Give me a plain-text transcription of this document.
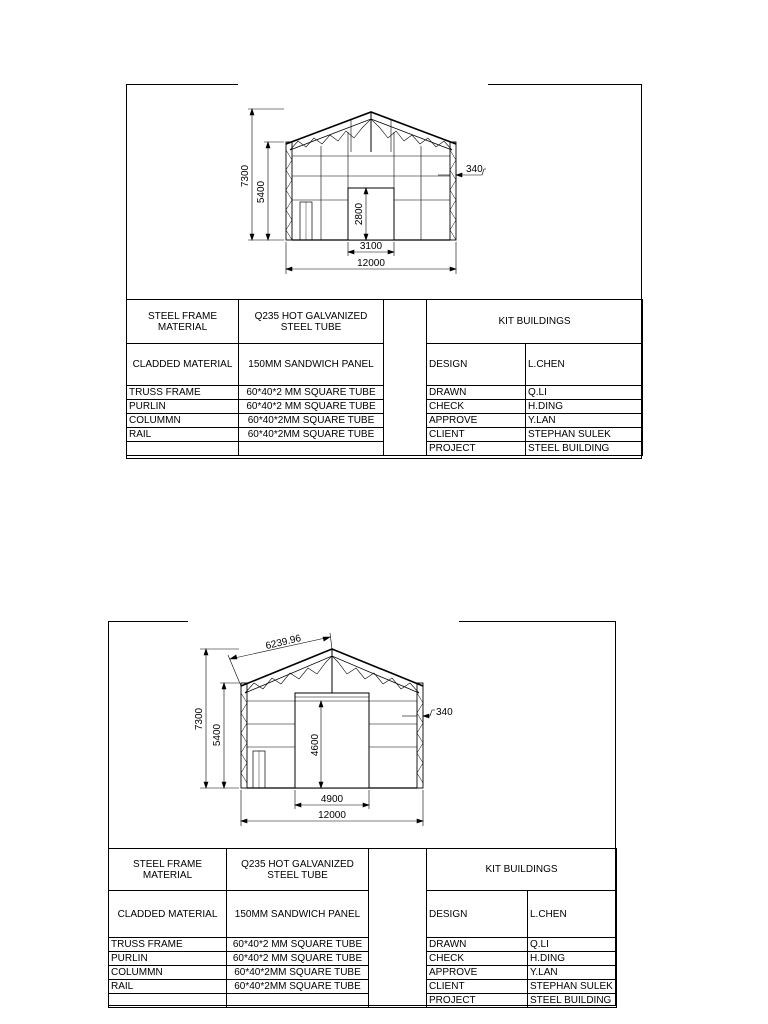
7300
5400
2800
340
3100
12000
STEEL FRAME MATERIAL	Q235 HOT GALVANIZED STEEL TUBE		KIT BUILDINGS	
CLADDED MATERIAL	150MM SANDWICH PANEL		DESIGN	L.CHEN
TRUSS FRAME	60*40*2 MM SQUARE TUBE		DRAWN	Q.LI
PURLIN	60*40*2 MM SQUARE TUBE		CHECK	H.DING
COLUMMN	60*40*2MM SQUARE TUBE		APPROVE	Y.LAN
RAIL	60*40*2MM SQUARE TUBE		CLIENT	STEPHAN SULEK
			PROJECT	STEEL BUILDING
6239.96
7300
5400	4600
340
4900
12000
STEEL FRAME MATERIAL	Q235 HOT GALVANIZED STEEL TUBE		KIT BUILDINGS	
CLADDED MATERIAL	150MM SANDWICH PANEL		DESIGN	L.CHEN
TRUSS FRAME	60*40*2 MM SQUARE TUBE		DRAWN	Q.LI
PURLIN	60*40*2 MM SQUARE TUBE		CHECK	H.DING
COLUMMN	60*40*2MM SQUARE TUBE		APPROVE	Y.LAN
RAIL	60*40*2MM SQUARE TUBE		CLIENT	STEPHAN SULEK
			PROJECT	STEEL BUILDING
